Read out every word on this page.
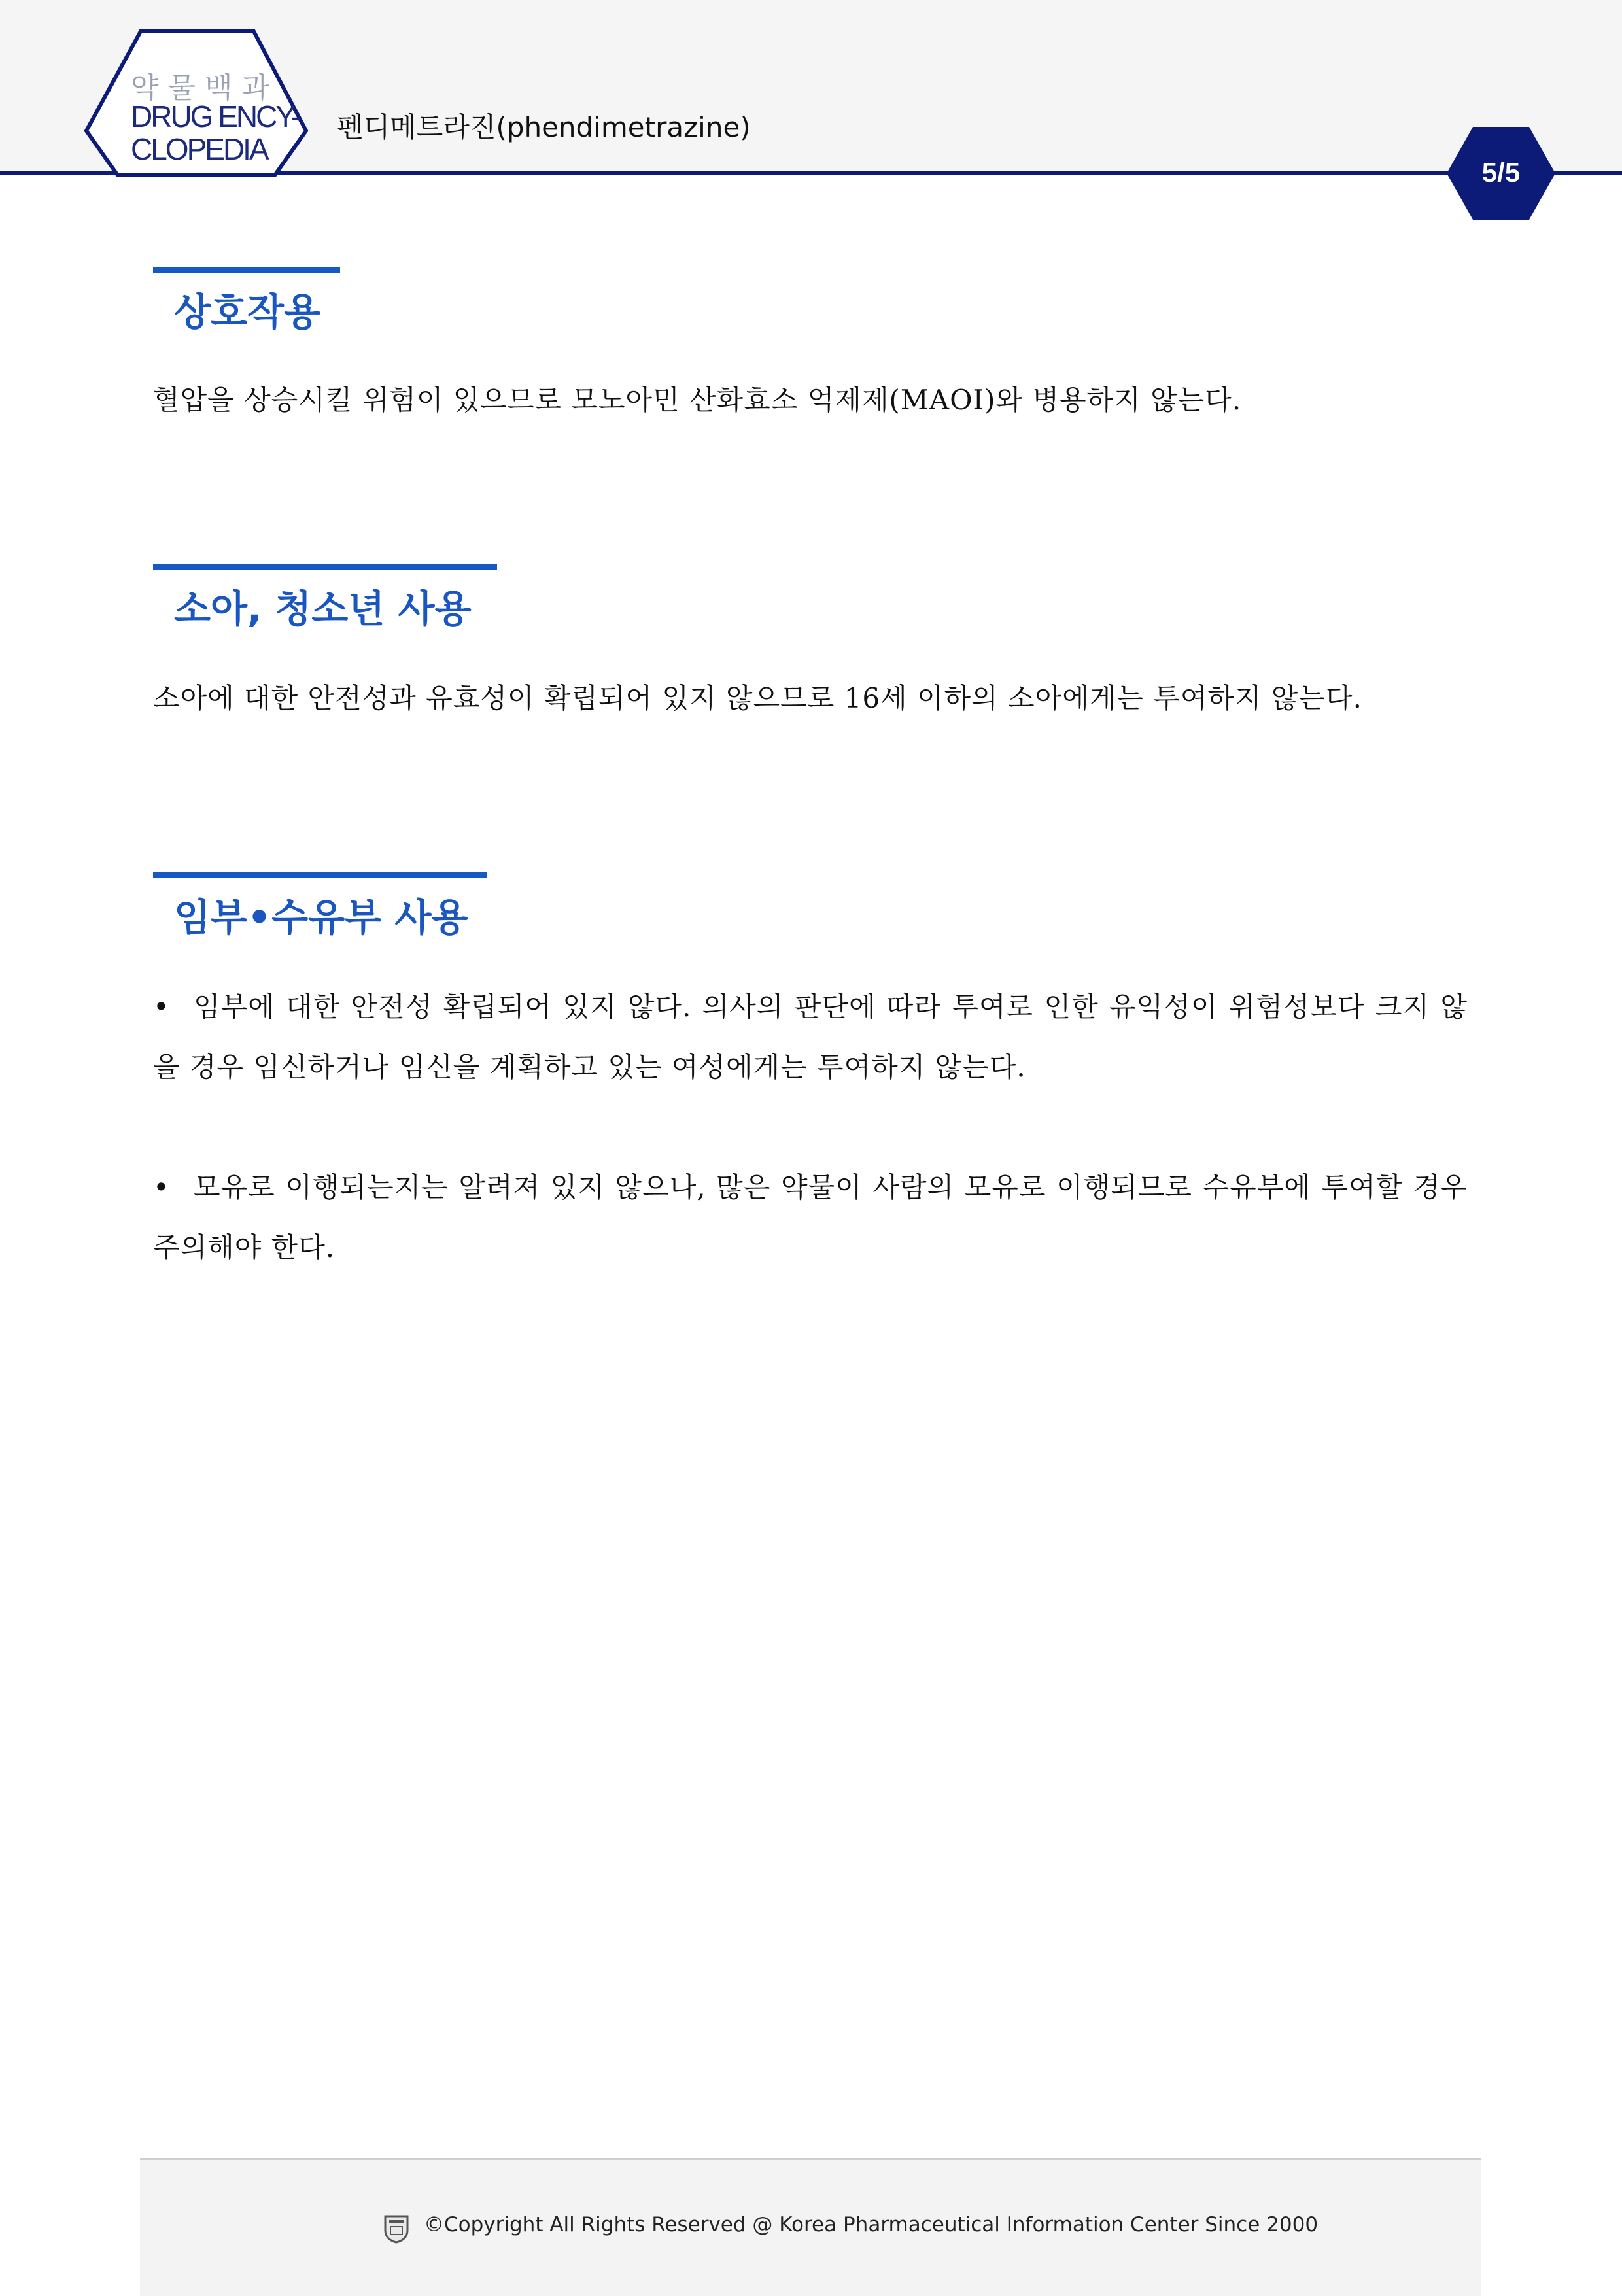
약물백과
DRUG ENCY-
CLOPEDIA
펜디메트라진(phendimetrazine)
5/5
상호작용
혈압을 상승시킬 위험이 있으므로 모노아민 산화효소 억제제(MAOI)와 병용하지 않는다.
소아, 청소년 사용
소아에 대한 안전성과 유효성이 확립되어 있지 않으므로 16세 이하의 소아에게는 투여하지 않는다.
임부•수유부 사용
• 임부에 대한 안전성 확립되어 있지 않다. 의사의 판단에 따라 투여로 인한 유익성이 위험성보다 크지 않을 경우 임신하거나 임신을 계획하고 있는 여성에게는 투여하지 않는다.
• 모유로 이행되는지는 알려져 있지 않으나, 많은 약물이 사람의 모유로 이행되므로 수유부에 투여할 경우 주의해야 한다.
©Copyright All Rights Reserved @ Korea Pharmaceutical Information Center Since 2000
